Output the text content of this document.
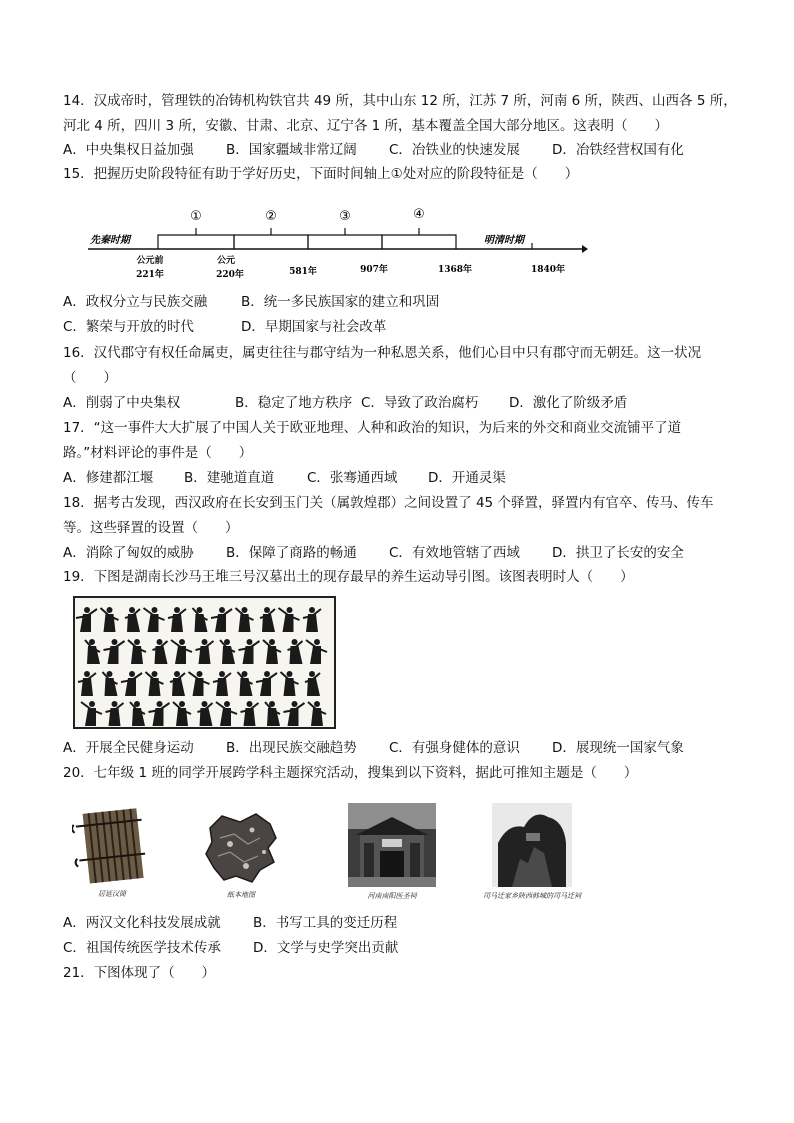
14．汉成帝时，管理铁的冶铸机构铁官共 49 所，其中山东 12 所，江苏 7 所，河南 6 所，陕西、山西各 5 所，
河北 4 所，四川 3 所，安徽、甘肃、北京、辽宁各 1 所，基本覆盖全国大部分地区。这表明（　　）
A．中央集权日益加强 B．国家疆域非常辽阔 C．冶铁业的快速发展 D．冶铁经营权国有化
15．把握历史阶段特征有助于学好历史，下面时间轴上①处对应的阶段特征是（　　）
先秦时期	明清时期
①	②	③	④
公元前
221年
公元
220年	581年	907年	1368年	1840年
A．政权分立与民族交融	B．统一多民族国家的建立和巩固
C．繁荣与开放的时代	D．早期国家与社会改革
16．汉代郡守有权任命属吏，属吏往往与郡守结为一种私恩关系，他们心目中只有郡守而无朝廷。这一状况
（　　）
A．削弱了中央集权	B．稳定了地方秩序 C．导致了政治腐朽 D．激化了阶级矛盾
17．“这一事件大大扩展了中国人关于欧亚地理、人种和政治的知识，为后来的外交和商业交流铺平了道
路。”材料评论的事件是（　　）
A．修建都江堰 B．建驰道直道 C．张骞通西域 D．开通灵渠
18．据考古发现，西汉政府在长安到玉门关（属敦煌郡）之间设置了 45 个驿置，驿置内有官卒、传马、传车
等。这些驿置的设置（　　）
A．消除了匈奴的威胁 B．保障了商路的畅通 C．有效地管辖了西域 D．拱卫了长安的安全
19．下图是湖南长沙马王堆三号汉墓出土的现存最早的养生运动导引图。该图表明时人（　　）
A．开展全民健身运动 B．出现民族交融趋势 C．有强身健体的意识 D．展现统一国家气象
20．七年级 1 班的同学开展跨学科主题探究活动，搜集到以下资料，据此可推知主题是（　　）
居延汉简	纸本地图	河南南阳医圣祠	司马迁家乡陕西韩城的司马迁祠
A．两汉文化科技发展成就 B．书写工具的变迁历程
C．祖国传统医学技术传承 D．文学与史学突出贡献
21．下图体现了（　　）
